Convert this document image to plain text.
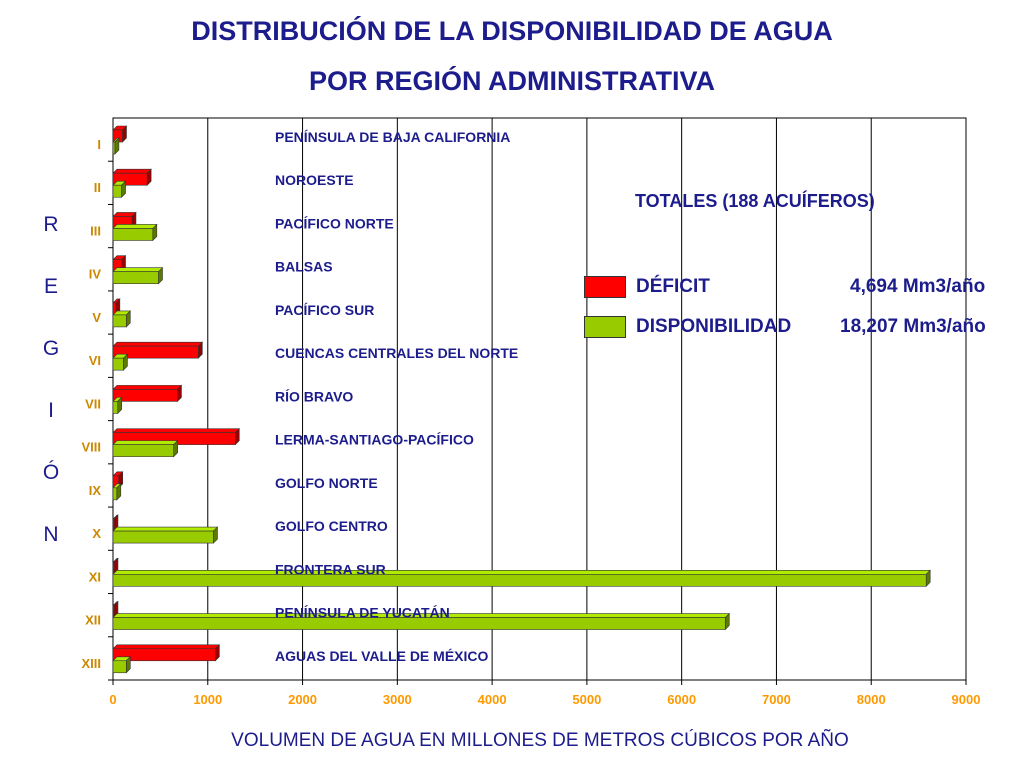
DISTRIBUCIÓN DE LA DISPONIBILIDAD DE AGUA
POR REGIÓN ADMINISTRATIVA
R
E
G
I
Ó
N
I	PENÍNSULA DE BAJA CALIFORNIA
II	NOROESTE
III	PACÍFICO NORTE
IV	BALSAS
V	PACÍFICO SUR
VI	CUENCAS CENTRALES DEL NORTE
VII	RÍO BRAVO
VIII	LERMA-SANTIAGO-PACÍFICO
IX	GOLFO NORTE
X	GOLFO CENTRO
XI	FRONTERA SUR
XII	PENÍNSULA DE YUCATÁN
XIII	AGUAS DEL VALLE DE MÉXICO
0	1000	2000	3000	4000	5000	6000	7000	8000	9000
TOTALES (188 ACUÍFEROS)
DÉFICIT	4,694 Mm3/año
DISPONIBILIDAD	18,207 Mm3/año
VOLUMEN DE AGUA EN MILLONES DE METROS CÚBICOS POR AÑO
